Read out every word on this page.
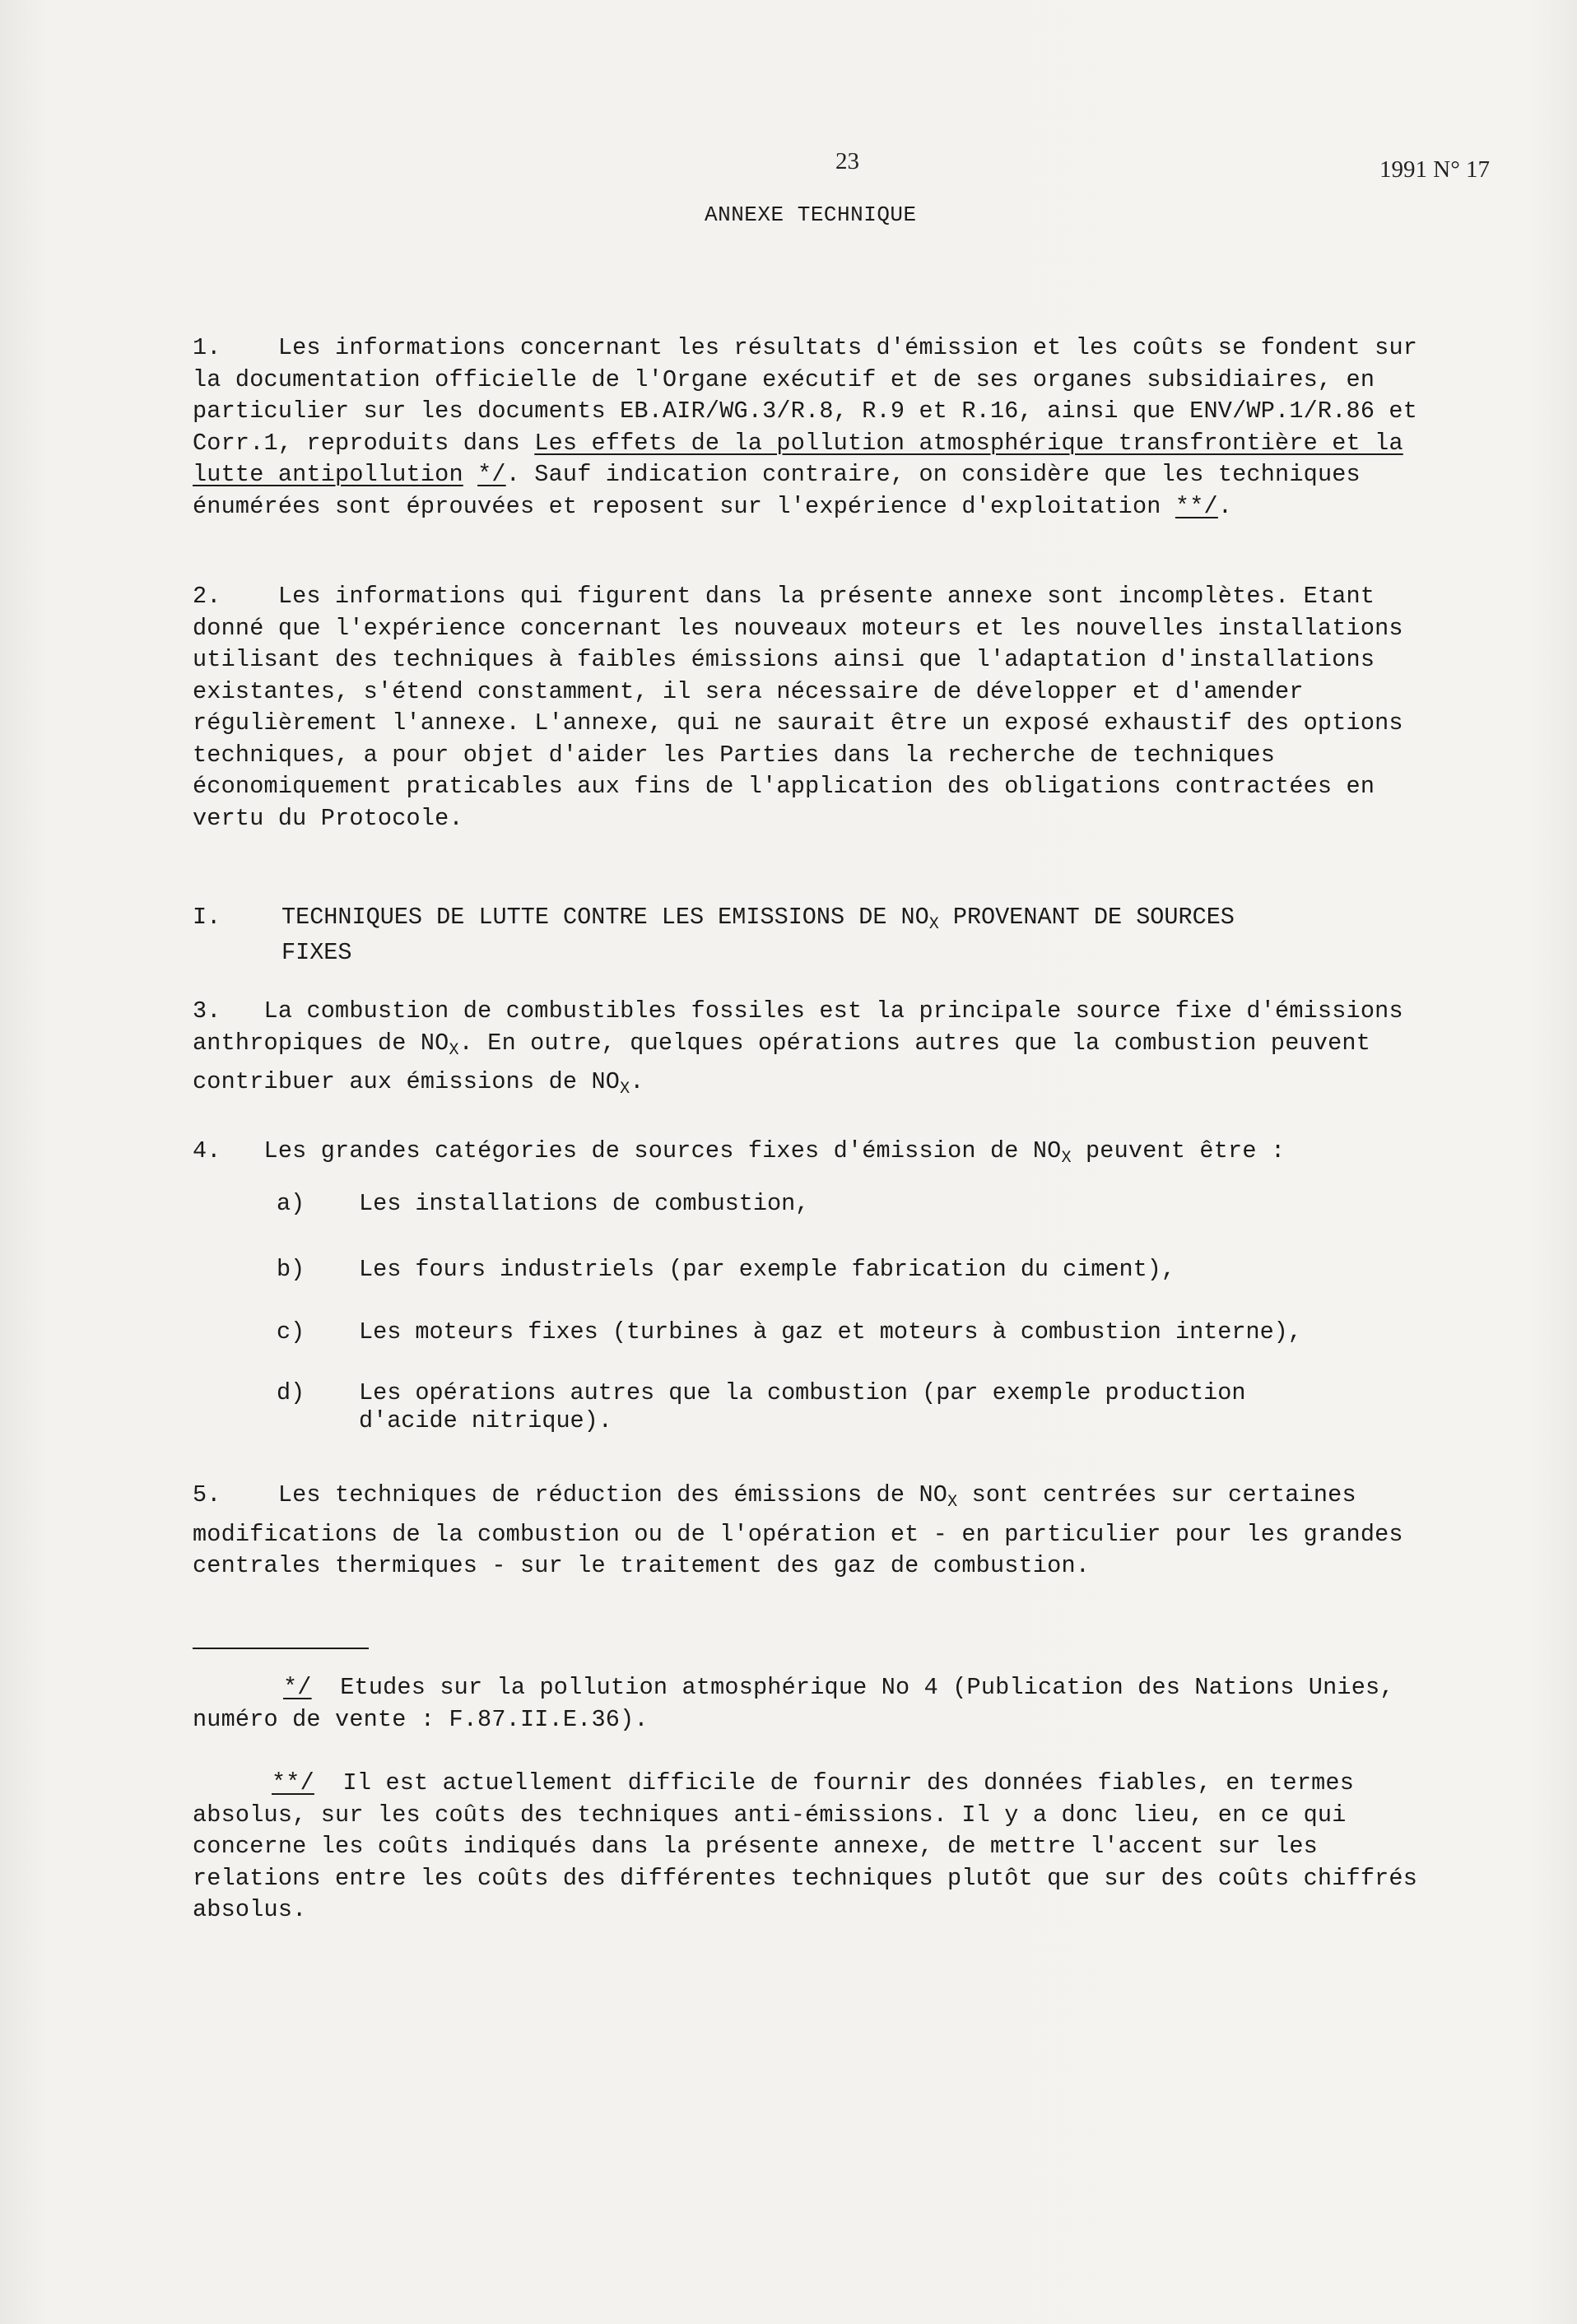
23	1991 N° 17
ANNEXE TECHNIQUE

1. Les informations concernant les résultats d'émission et les coûts se fondent sur la documentation officielle de l'Organe exécutif et de ses organes subsidiaires, en particulier sur les documents EB.AIR/WG.3/R.8, R.9 et R.16, ainsi que ENV/WP.1/R.86 et Corr.1, reproduits dans Les effets de la pollution atmosphérique transfrontière et la lutte antipollution */. Sauf indication contraire, on considère que les techniques énumérées sont éprouvées et reposent sur l'expérience d'exploitation **/.

2. Les informations qui figurent dans la présente annexe sont incomplètes. Etant donné que l'expérience concernant les nouveaux moteurs et les nouvelles installations utilisant des techniques à faibles émissions ainsi que l'adaptation d'installations existantes, s'étend constamment, il sera nécessaire de développer et d'amender régulièrement l'annexe. L'annexe, qui ne saurait être un exposé exhaustif des options techniques, a pour objet d'aider les Parties dans la recherche de techniques économiquement praticables aux fins de l'application des obligations contractées en vertu du Protocole.

I.	TECHNIQUES DE LUTTE CONTRE LES EMISSIONS DE $NO_X$ PROVENANT DE SOURCES
FIXES

3. La combustion de combustibles fossiles est la principale source fixe d'émissions anthropiques de $NO_X$. En outre, quelques opérations autres que la combustion peuvent contribuer aux émissions de $NO_X$.

4. Les grandes catégories de sources fixes d'émission de $NO_X$ peuvent être :

a)	Les installations de combustion,
b)	Les fours industriels (par exemple fabrication du ciment),
c)	Les moteurs fixes (turbines à gaz et moteurs à combustion interne),
d)	Les opérations autres que la combustion (par exemple production
d'acide nitrique).

5. Les techniques de réduction des émissions de $NO_X$ sont centrées sur certaines modifications de la combustion ou de l'opération et - en particulier pour les grandes centrales thermiques - sur le traitement des gaz de combustion.

*/ Etudes sur la pollution atmosphérique No 4 (Publication des Nations Unies, numéro de vente : F.87.II.E.36).

**/ Il est actuellement difficile de fournir des données fiables, en termes absolus, sur les coûts des techniques anti-émissions. Il y a donc lieu, en ce qui concerne les coûts indiqués dans la présente annexe, de mettre l'accent sur les relations entre les coûts des différentes techniques plutôt que sur des coûts chiffrés absolus.
